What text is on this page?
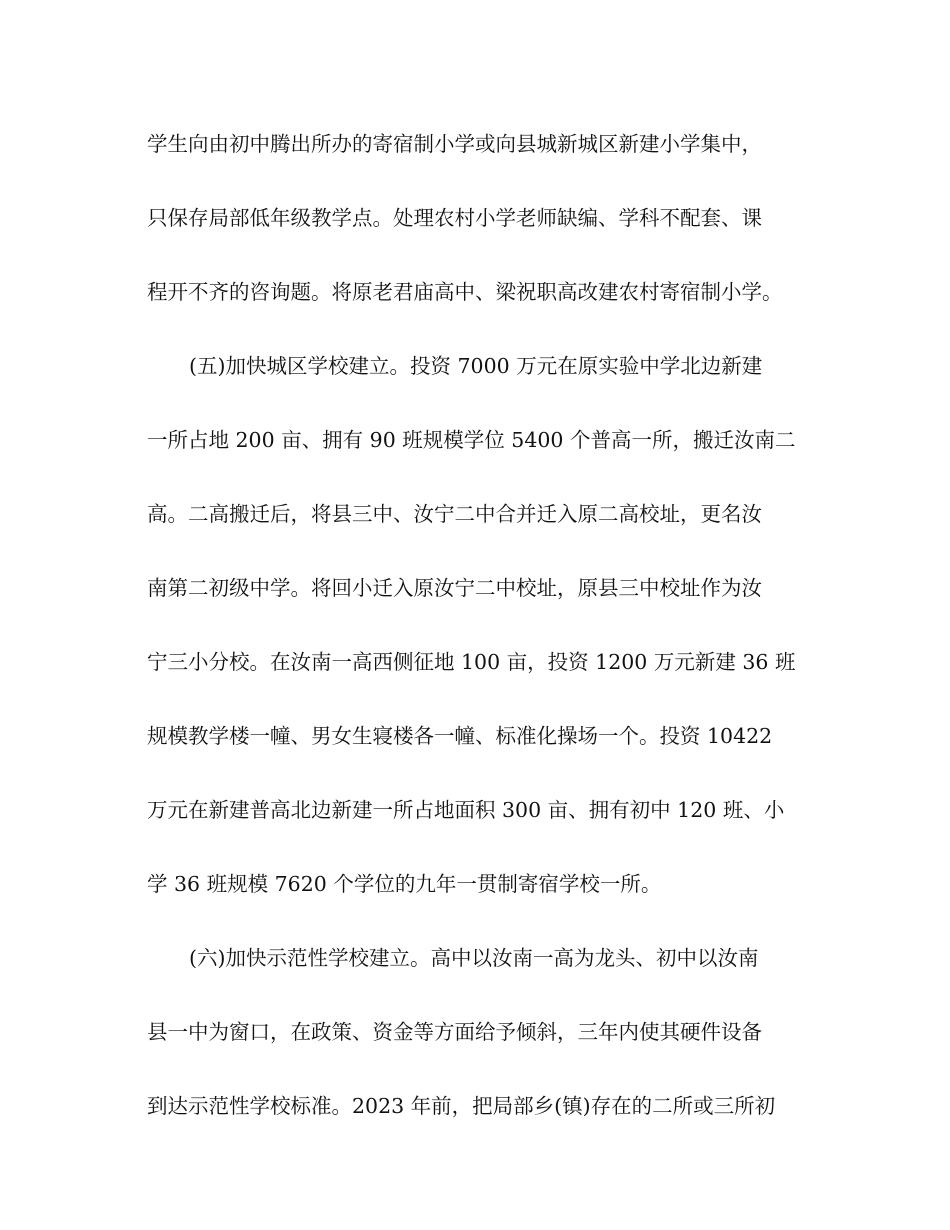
学生向由初中腾出所办的寄宿制小学或向县城新城区新建小学集中，
只保存局部低年级教学点。处理农村小学老师缺编、学科不配套、课
程开不齐的咨询题。将原老君庙高中、梁祝职高改建农村寄宿制小学。
(五)加快城区学校建立。投资 7000 万元在原实验中学北边新建
一所占地 200 亩、拥有 90 班规模学位 5400 个普高一所，搬迁汝南二
高。二高搬迁后，将县三中、汝宁二中合并迁入原二高校址，更名汝
南第二初级中学。将回小迁入原汝宁二中校址，原县三中校址作为汝
宁三小分校。在汝南一高西侧征地 100 亩，投资 1200 万元新建 36 班
规模教学楼一幢、男女生寝楼各一幢、标准化操场一个。投资 10422
万元在新建普高北边新建一所占地面积 300 亩、拥有初中 120 班、小
学 36 班规模 7620 个学位的九年一贯制寄宿学校一所。
(六)加快示范性学校建立。高中以汝南一高为龙头、初中以汝南
县一中为窗口，在政策、资金等方面给予倾斜，三年内使其硬件设备
到达示范性学校标准。2023 年前，把局部乡(镇)存在的二所或三所初
